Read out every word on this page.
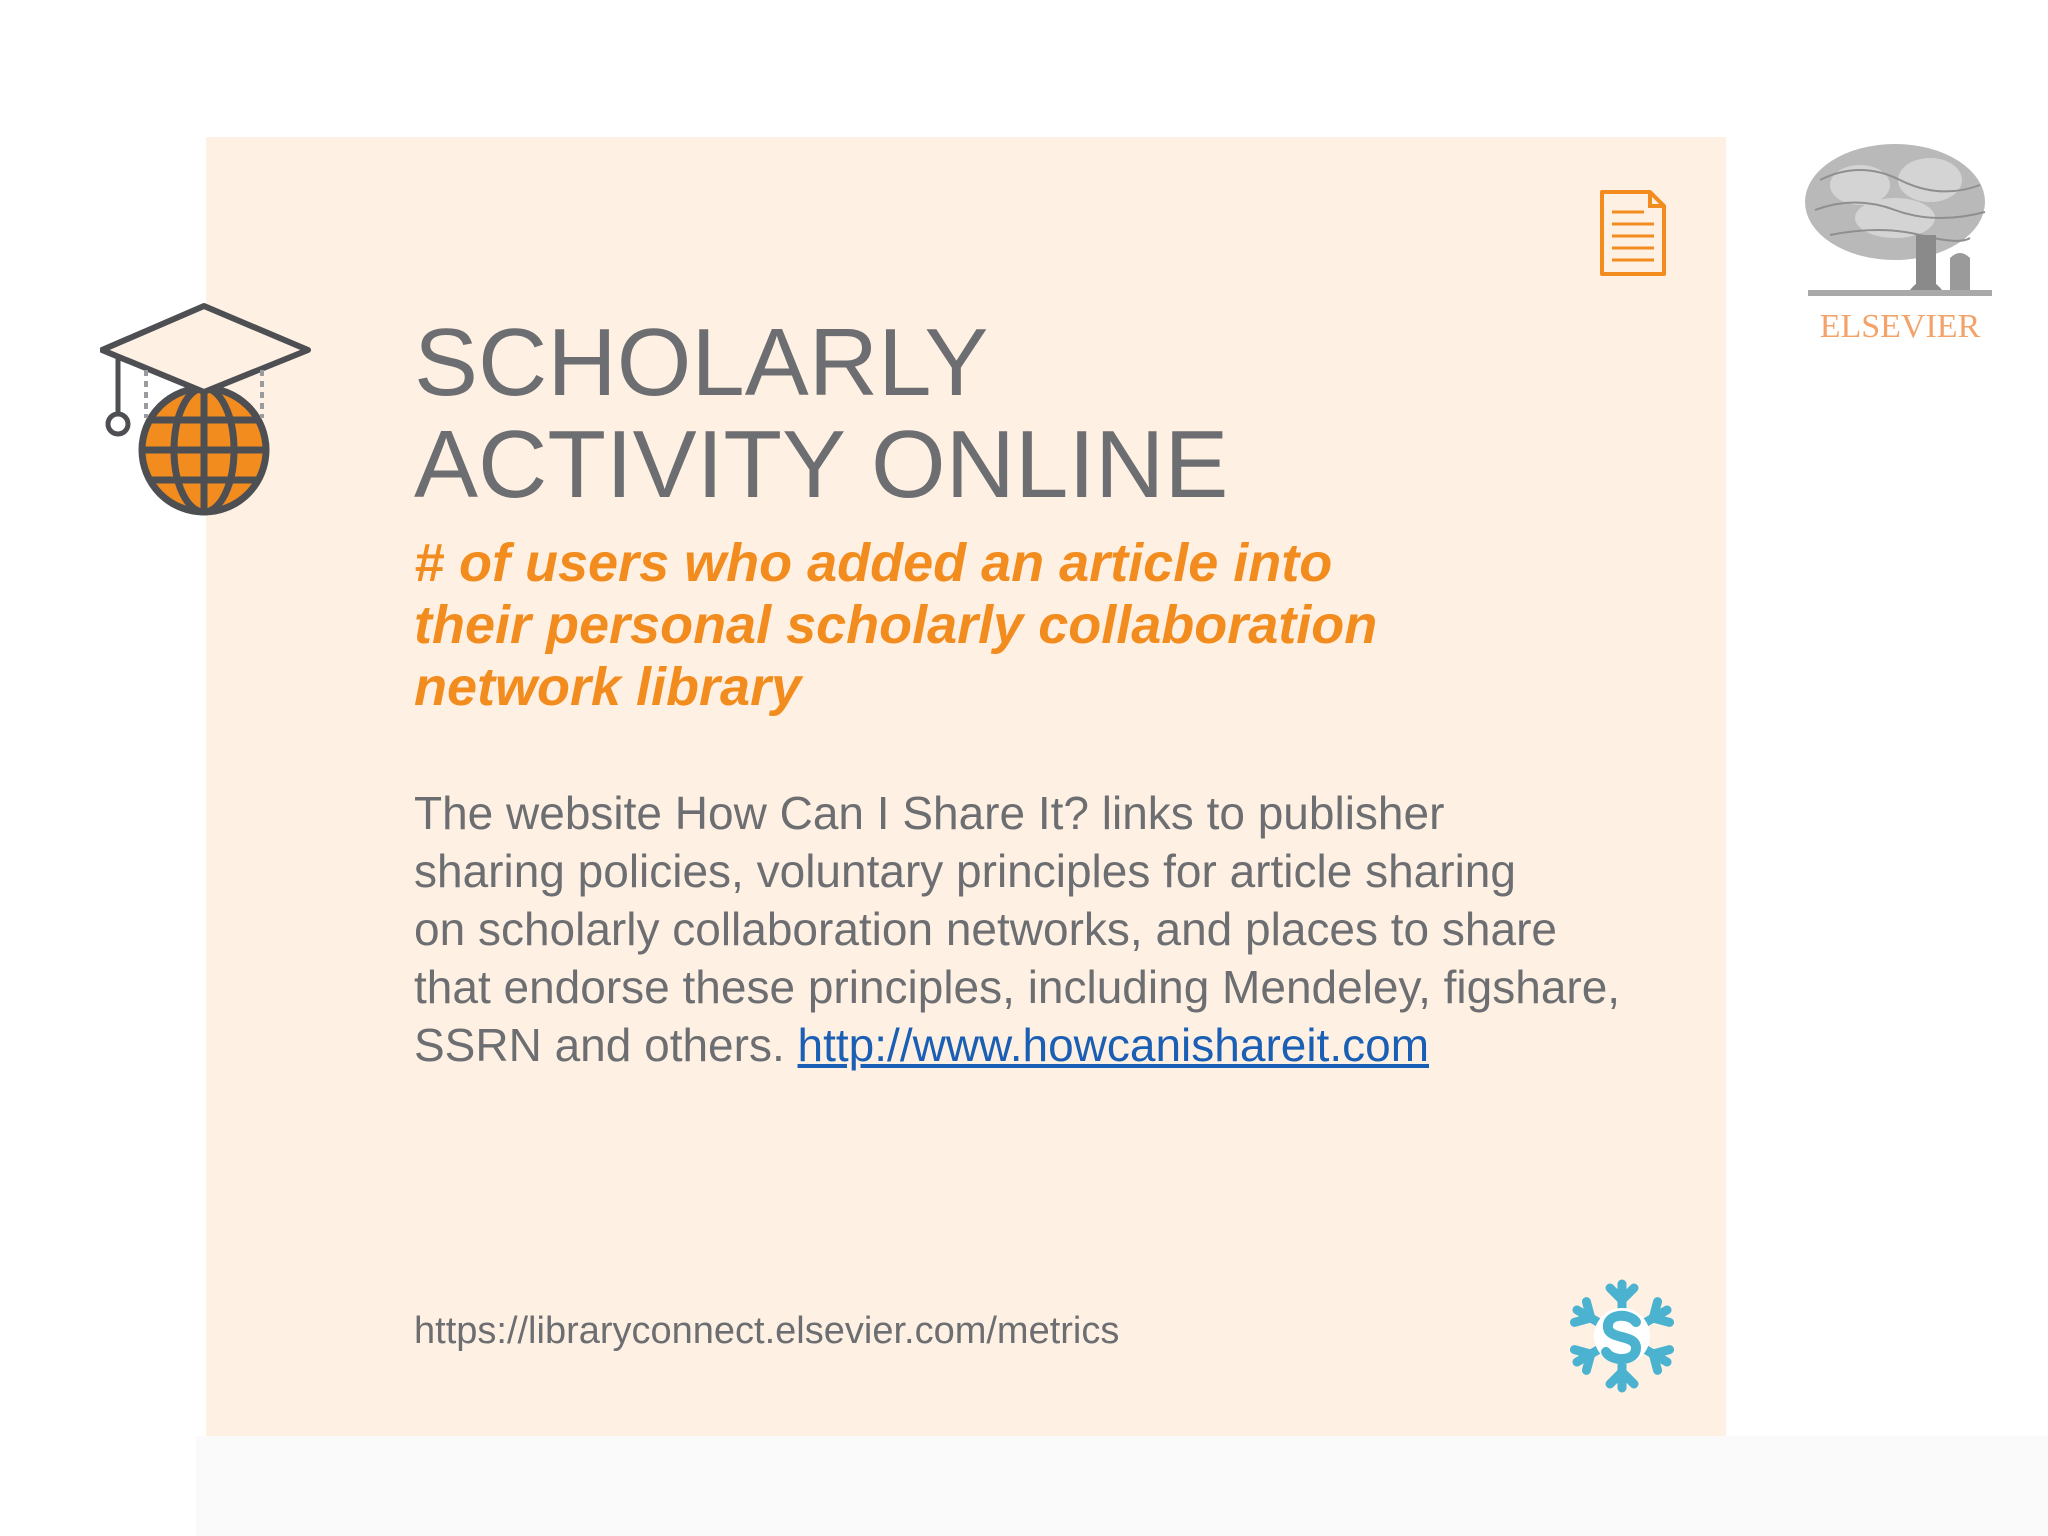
SCHOLARLY
ACTIVITY ONLINE
# of users who added an article into
their personal scholarly collaboration
network library
The website How Can I Share It? links to publisher
sharing policies, voluntary principles for article sharing
on scholarly collaboration networks, and places to share
that endorse these principles, including Mendeley, figshare,
SSRN and others. http://www.howcanishareit.com
https://libraryconnect.elsevier.com/metrics
ELSEVIER
